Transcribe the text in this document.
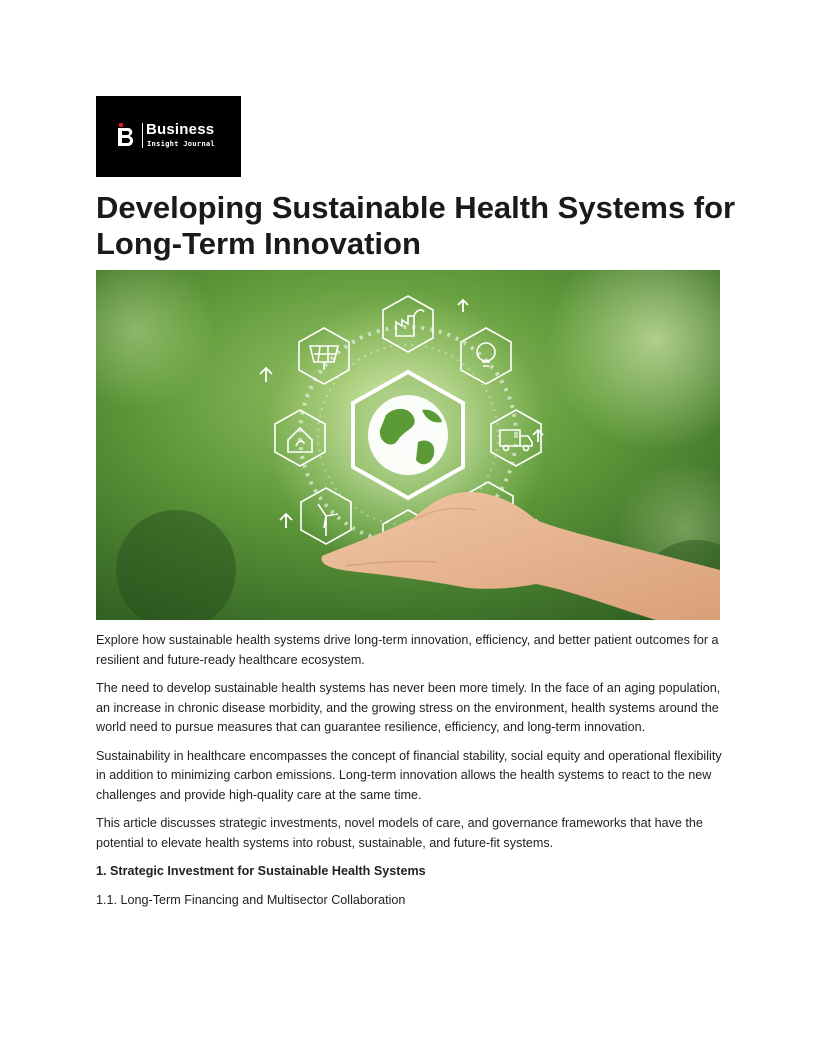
Business
Insight Journal
Developing Sustainable Health Systems for Long-Term Innovation

Explore how sustainable health systems drive long-term innovation, efficiency, and better patient outcomes for a resilient and future-ready healthcare ecosystem.

The need to develop sustainable health systems has never been more timely. In the face of an aging population, an increase in chronic disease morbidity, and the growing stress on the environment, health systems around the world need to pursue measures that can guarantee resilience, efficiency, and long-term innovation.

Sustainability in healthcare encompasses the concept of financial stability, social equity and operational flexibility in addition to minimizing carbon emissions. Long-term innovation allows the health systems to react to the new challenges and provide high-quality care at the same time.

This article discusses strategic investments, novel models of care, and governance frameworks that have the potential to elevate health systems into robust, sustainable, and future-fit systems.

1. Strategic Investment for Sustainable Health Systems

1.1. Long-Term Financing and Multisector Collaboration
